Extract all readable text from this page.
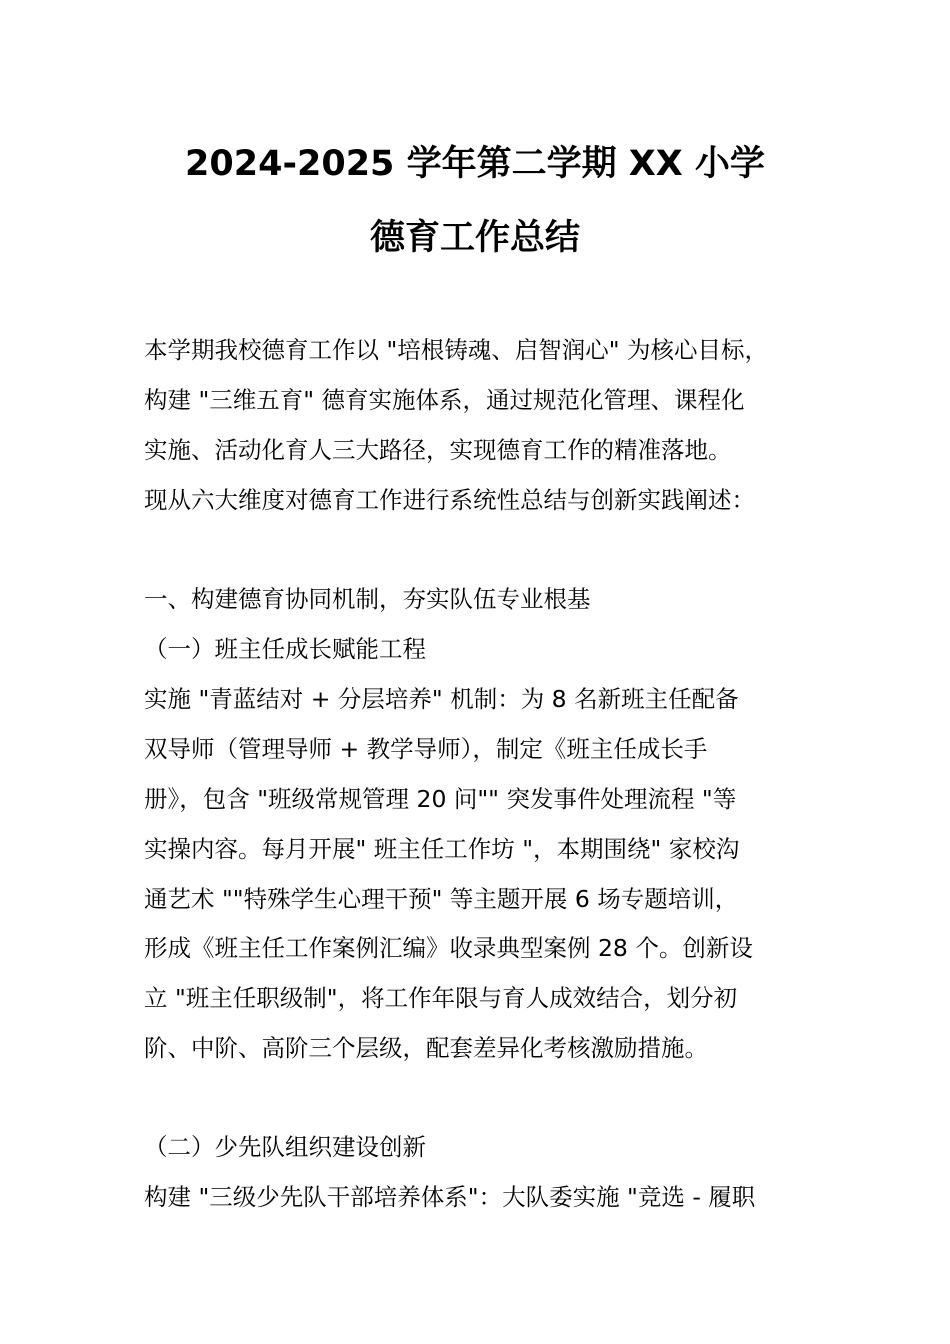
2024-2025 学年第二学期 XX 小学
德育工作总结
本学期我校德育工作以 "培根铸魂、启智润心" 为核心目标，
构建 "三维五育" 德育实施体系，通过规范化管理、课程化
实施、活动化育人三大路径，实现德育工作的精准落地。
现从六大维度对德育工作进行系统性总结与创新实践阐述：
一、构建德育协同机制，夯实队伍专业根基
（一）班主任成长赋能工程
实施 "青蓝结对 + 分层培养" 机制：为 8 名新班主任配备
双导师（管理导师 + 教学导师），制定《班主任成长手
册》，包含 "班级常规管理 20 问"" 突发事件处理流程 "等
实操内容。每月开展" 班主任工作坊 "，本期围绕" 家校沟
通艺术 ""特殊学生心理干预" 等主题开展 6 场专题培训，
形成《班主任工作案例汇编》收录典型案例 28 个。创新设
立 "班主任职级制"，将工作年限与育人成效结合，划分初
阶、中阶、高阶三个层级，配套差异化考核激励措施。
（二）少先队组织建设创新
构建 "三级少先队干部培养体系"：大队委实施 "竞选 - 履职
